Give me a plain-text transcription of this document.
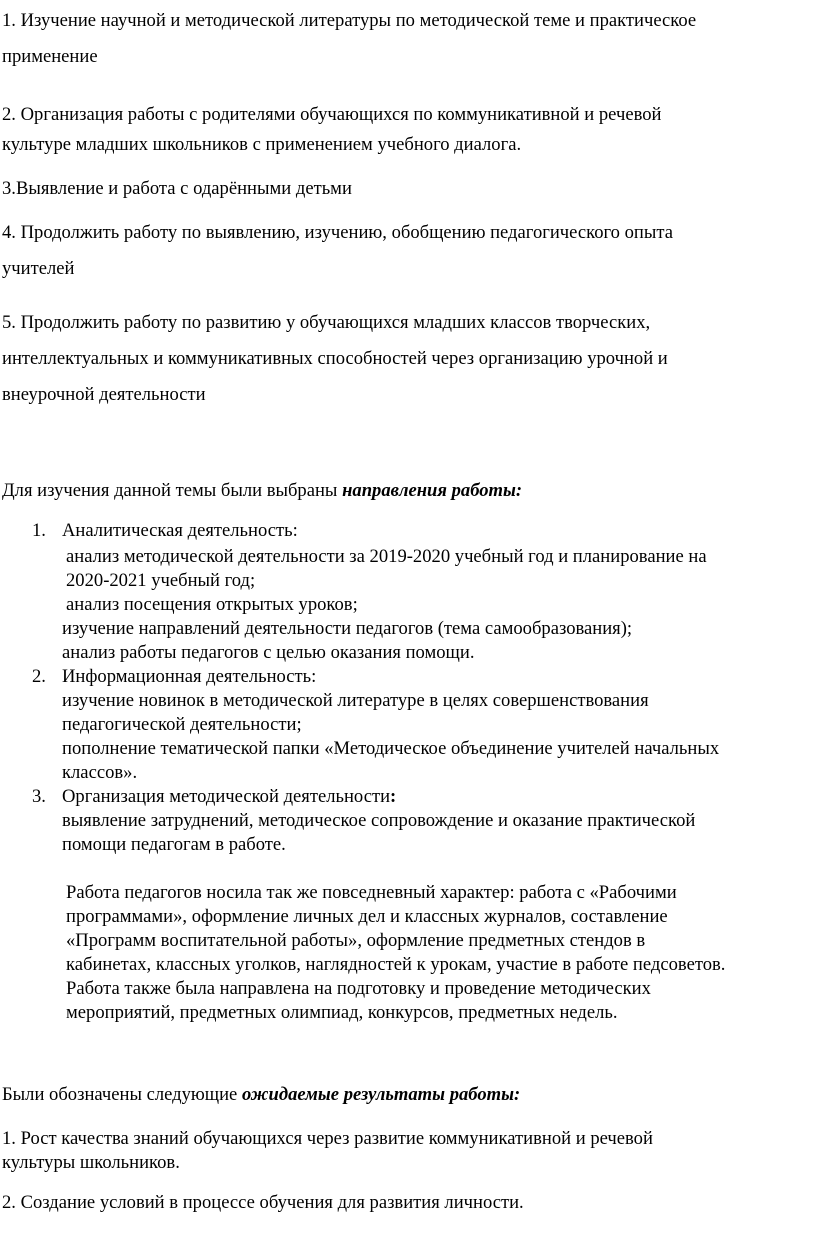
1. Изучение научной и методической литературы по методической теме и практическое

применение

2. Организация работы с родителями обучающихся по коммуникативной и речевой

культуре младших школьников с применением учебного диалога.

3.Выявление и работа с одарёнными детьми

4. Продолжить работу по выявлению, изучению, обобщению педагогического опыта

учителей

5. Продолжить работу по развитию у обучающихся младших классов творческих,

интеллектуальных и коммуникативных способностей через организацию урочной и

внеурочной деятельности

Для изучения данной темы были выбраны направления работы:

1. Аналитическая деятельность:

анализ методической деятельности за 2019-2020 учебный год и планирование на

2020-2021 учебный год;

анализ посещения открытых уроков;

изучение направлений деятельности педагогов (тема самообразования);

анализ работы педагогов с целью оказания помощи.

2. Информационная деятельность:

изучение новинок в методической литературе в целях совершенствования

педагогической деятельности;

пополнение тематической папки «Методическое объединение учителей начальных

классов».

3. Организация методической деятельности:

выявление затруднений, методическое сопровождение и оказание практической

помощи педагогам в работе.

Работа педагогов носила так же повседневный характер: работа с «Рабочими

программами», оформление личных дел и классных журналов, составление

«Программ воспитательной работы», оформление предметных стендов в

кабинетах, классных уголков, наглядностей к урокам, участие в работе педсоветов.

Работа также была направлена на подготовку и проведение методических

мероприятий, предметных олимпиад, конкурсов, предметных недель.

Были обозначены следующие ожидаемые результаты работы:

1. Рост качества знаний обучающихся через развитие коммуникативной и речевой

культуры школьников.

2. Создание условий в процессе обучения для развития личности.
